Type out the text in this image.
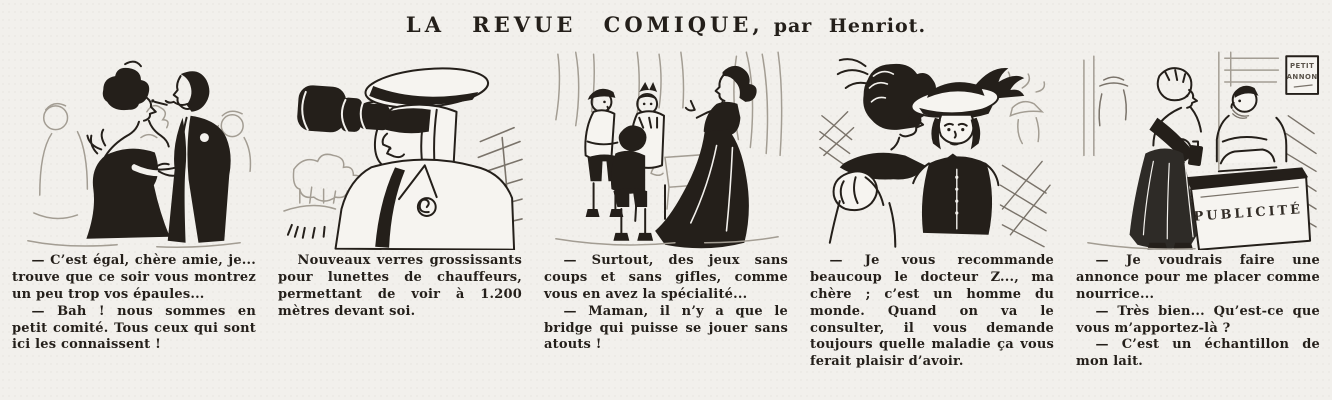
LA REVUE COMIQUE, par Henriot.

— C’est égal, chère amie, je... trouve que ce soir vous montrez un peu trop vos épaules...

— Bah ! nous sommes en petit comité. Tous ceux qui sont ici les connaissent !

Nouveaux verres grossissants pour lunettes de chauffeurs, permettant de voir à 1.200 mètres devant soi.

— Surtout, des jeux sans coups et sans gifles, comme vous en avez la spécialité...

— Maman, il n’y a que le bridge qui puisse se jouer sans atouts !

— Je vous recommande beaucoup le docteur Z..., ma chère ; c’est un homme du monde. Quand on va le consulter, il vous demande toujours quelle maladie ça vous ferait plaisir d’avoir.

PETIT
ANNON
PUBLICITÉ

— Je voudrais faire une annonce pour me placer comme nourrice...

— Très bien... Qu’est-ce que vous m’apportez-là ?

— C’est un échantillon de mon lait.
